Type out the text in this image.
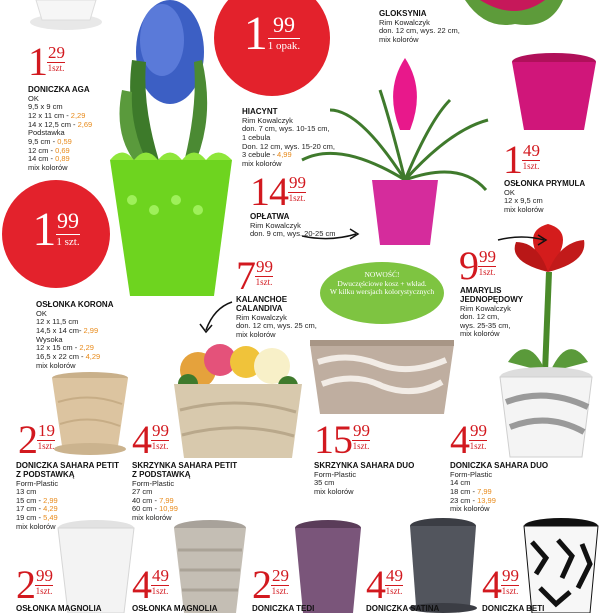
GLOKSYNIA
Rim Kowalczyk
don. 12 cm, wys. 22 cm,
mix kolorów
129
1szt.
DONICZKA AGA
OK
9,5 x 9 cm
12 x 11 cm - 2,29
14 x 12,5 cm - 2,69
Podstawka
9,5 cm - 0,59
12 cm - 0,69
14 cm - 0,89
mix kolorów
1 99
1 opak.
HIACYNT
Rim Kowalczyk
don. 7 cm, wys. 10-15 cm,
1 cebula
Don. 12 cm, wys. 15-20 cm,
3 cebule - 4,99
mix kolorów	149
1szt.
OSŁONKA PRYMULA
OK
12 x 9,5 cm
mix kolorów
1499
1szt.
OPŁATWA
Rim Kowalczyk
don. 9 cm, wys. 20-25 cm
199
1 szt.
OSŁONKA KORONA
OK
12 x 11,5 cm
14,5 x 14 cm- 2,99
Wysoka
12 x 15 cm - 2,29
16,5 x 22 cm - 4,29
mix kolorów
799
1szt.
KALANCHOE
CALANDIVA
Rim Kowalczyk
don. 12 cm, wys. 25 cm,
mix kolorów
NOWOŚĆ!
Dwuczęściowe kosz + wkład.
W kilku wersjach kolorystycznych
999
1szt.
AMARYLIS
JEDNOPĘDOWY
Rim Kowalczyk
don. 12 cm,
wys. 25-35 cm,
mix kolorów
219
1szt.
DONICZKA SAHARA PETIT
Z PODSTAWKĄ
Form-Plastic
13 cm
15 cm - 2,99
17 cm - 4,29
19 cm - 5,49
mix kolorów
499
1szt.
SKRZYNKA SAHARA PETIT
Z PODSTAWKĄ
Form-Plastic
27 cm
40 cm - 7,99
60 cm - 10,99
mix kolorów
1599
1szt.
SKRZYNKA SAHARA DUO
Form-Plastic
35 cm
mix kolorów
499
1szt.
DONICZKA SAHARA DUO
Form-Plastic
14 cm
18 cm - 7,99
23 cm - 13,99
mix kolorów
299
1szt.
OSŁONKA MAGNOLIA
449
1szt.
OSŁONKA MAGNOLIA
229
1szt.
DONICZKA TEDI
449
1szt.
DONICZKA SATINA
499
1szt.
DONICZKA BETI
